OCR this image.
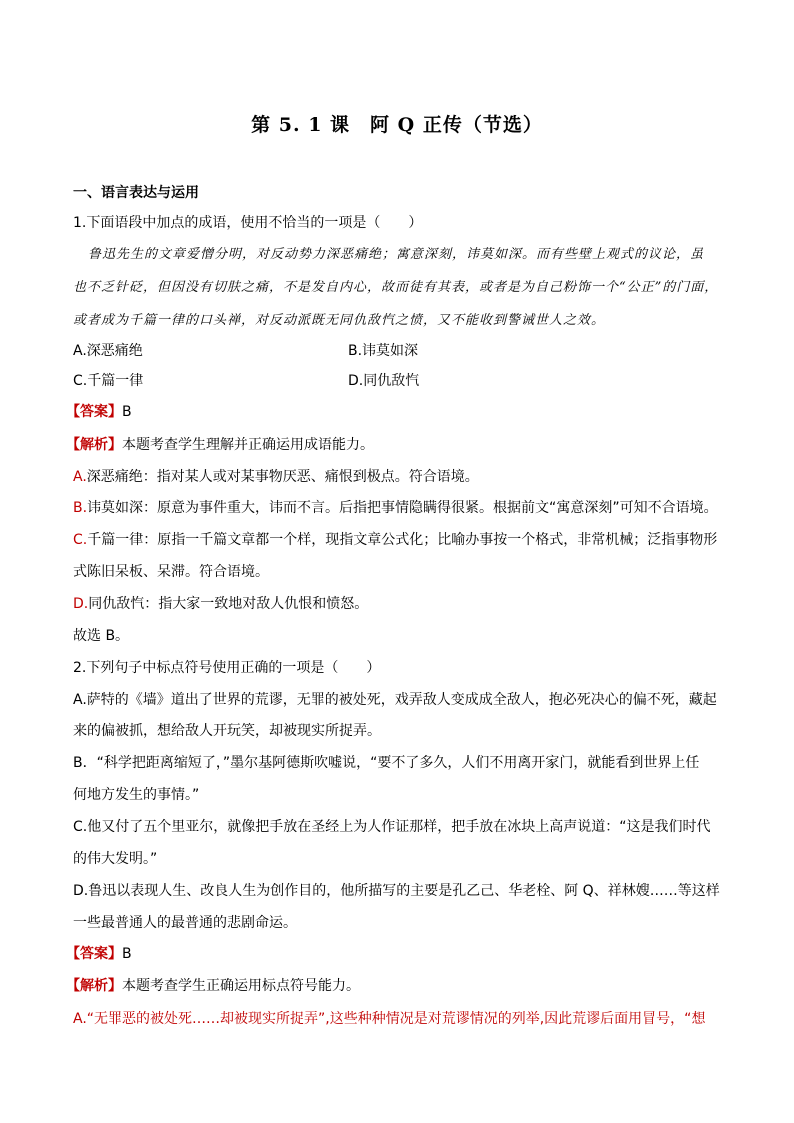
第 5. 1 课　阿 Q 正传（节选）
一、语言表达与运用
1.下面语段中加点的成语，使用不恰当的一项是（　　）
鲁迅先生的文章爱憎分明，对反动势力深恶痛绝；寓意深刻，讳莫如深。而有些壁上观式的议论，虽
也不乏针砭，但因没有切肤之痛，不是发自内心，故而徒有其表，或者是为自己粉饰一个“公正”的门面，
或者成为千篇一律的口头禅，对反动派既无同仇敌忾之愤，又不能收到警诫世人之效。
A.深恶痛绝	B.讳莫如深
C.千篇一律	D.同仇敌忾
【答案】B
【解析】本题考查学生理解并正确运用成语能力。
A.深恶痛绝：指对某人或对某事物厌恶、痛恨到极点。符合语境。
B.讳莫如深：原意为事件重大，讳而不言。后指把事情隐瞒得很紧。根据前文“寓意深刻”可知不合语境。
C.千篇一律：原指一千篇文章都一个样，现指文章公式化；比喻办事按一个格式，非常机械；泛指事物形
式陈旧呆板、呆滞。符合语境。
D.同仇敌忾：指大家一致地对敌人仇恨和愤怒。
故选 B。
2.下列句子中标点符号使用正确的一项是（　　）
A.萨特的《墙》道出了世界的荒谬，无罪的被处死，戏弄敌人变成成全敌人，抱必死决心的偏不死，藏起
来的偏被抓，想给敌人开玩笑，却被现实所捉弄。
B．“科学把距离缩短了，”墨尔基阿德斯吹嘘说，“要不了多久，人们不用离开家门，就能看到世界上任
何地方发生的事情。”
C.他又付了五个里亚尔，就像把手放在圣经上为人作证那样，把手放在冰块上高声说道：“这是我们时代
的伟大发明。”
D.鲁迅以表现人生、改良人生为创作目的，他所描写的主要是孔乙己、华老栓、阿 Q、祥林嫂……等这样
一些最普通人的最普通的悲剧命运。
【答案】B
【解析】本题考查学生正确运用标点符号能力。
A.“无罪恶的被处死……却被现实所捉弄”,这些种种情况是对荒谬情况的列举,因此荒谬后面用冒号，“想
